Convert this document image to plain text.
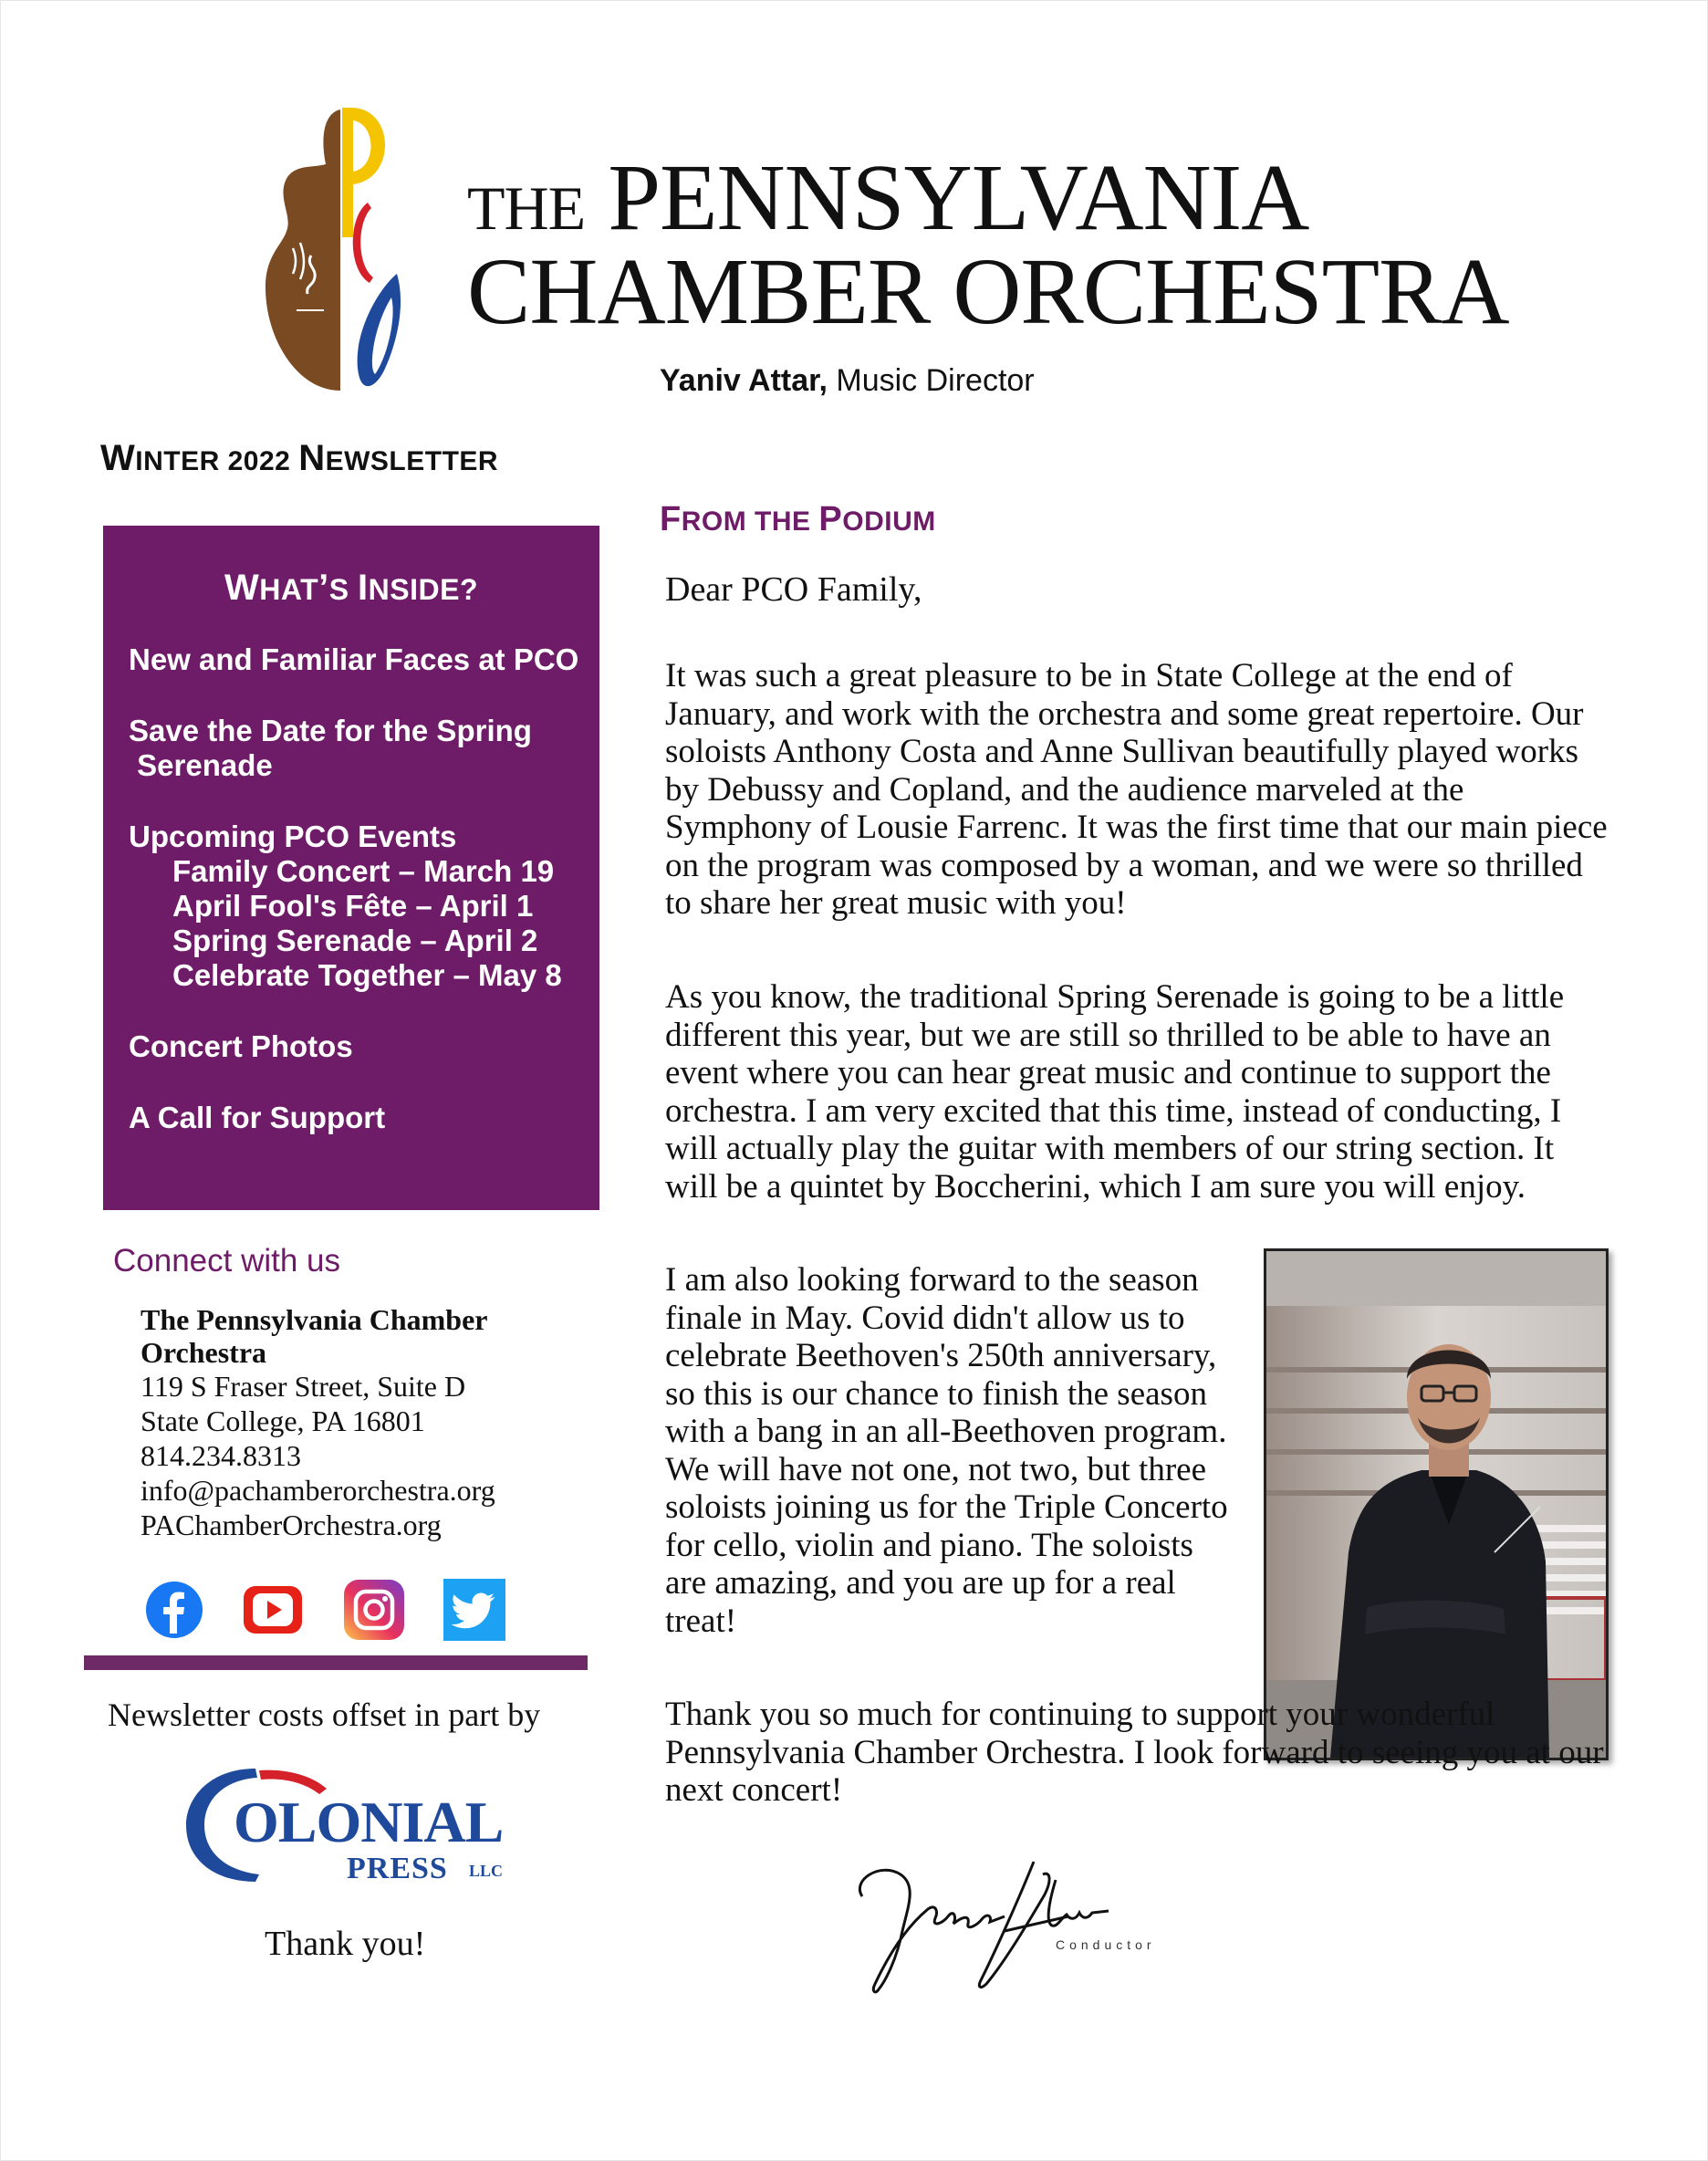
THE PENNSYLVANIA
CHAMBER ORCHESTRA
Yaniv Attar, Music Director
WINTER 2022 NEWSLETTER
WHAT’S INSIDE?
New and Familiar Faces at PCO
Save the Date for the Spring
Serenade
Upcoming PCO Events
Family Concert – March 19
April Fool's Fête – April 1
Spring Serenade – April 2
Celebrate Together – May 8
Concert Photos
A Call for Support
Connect with us
The Pennsylvania Chamber Orchestra
119 S Fraser Street, Suite D
State College, PA 16801
814.234.8313
info@pachamberorchestra.org
PAChamberOrchestra.org
Newsletter costs offset in part by
OLONIAL
PRESS LLC
Thank you!
FROM THE PODIUM
Dear PCO Family,
It was such a great pleasure to be in State College at the end of January, and work with the orchestra and some great repertoire. Our soloists Anthony Costa and Anne Sullivan beautifully played works by Debussy and Copland, and the audience marveled at the Symphony of Lousie Farrenc. It was the first time that our main piece on the program was composed by a woman, and we were so thrilled to share her great music with you!
As you know, the traditional Spring Serenade is going to be a little different this year, but we are still so thrilled to be able to have an event where you can hear great music and continue to support the orchestra. I am very excited that this time, instead of conducting, I will actually play the guitar with members of our string section. It will be a quintet by Boccherini, which I am sure you will enjoy.
I am also looking forward to the season finale in May. Covid didn't allow us to celebrate Beethoven's 250th anniversary, so this is our chance to finish the season with a bang in an all-Beethoven program. We will have not one, not two, but three soloists joining us for the Triple Concerto for cello, violin and piano. The soloists are amazing, and you are up for a real treat!
Thank you so much for continuing to support your wonderful Pennsylvania Chamber Orchestra. I look forward to seeing you at our next concert!
Conductor
